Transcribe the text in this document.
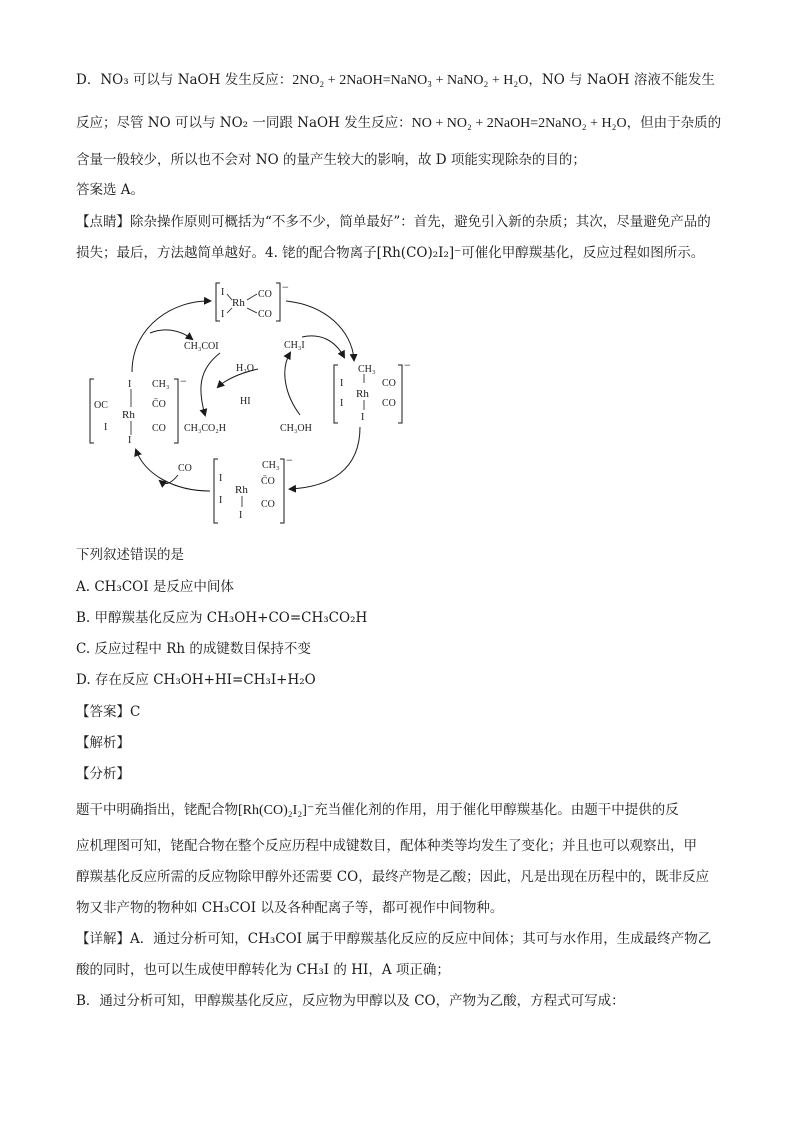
D．NO₃ 可以与 NaOH 发生反应：2NO₂ + 2NaOH=NaNO₃ + NaNO₂ + H₂O，NO 与 NaOH 溶液不能发生
反应；尽管 NO 可以与 NO₂ 一同跟 NaOH 发生反应：NO + NO₂ + 2NaOH=2NaNO₂ + H₂O，但由于杂质的
含量一般较少，所以也不会对 NO 的量产生较大的影响，故 D 项能实现除杂的目的；
答案选 A。
【点睛】除杂操作原则可概括为“不多不少，简单最好”：首先，避免引入新的杂质；其次，尽量避免产品的
损失；最后，方法越简单越好。4. 铑的配合物离子[Rh(CO)₂I₂]⁻可催化甲醇羰基化，反应过程如图所示。
I
I
Rh
CO
CO
−
CH₃
I
I
Rh
CO
CO
I
−
CH₃
I
I
Rh
C̄O
CO
I
−
I CH₃
OC	C̄O
Rh
I	CO
I
−
CH₃COI
H₂O
HI
CH₃CO₂H
CH₃I
CH₃OH
CO
下列叙述错误的是
A. CH₃COI 是反应中间体
B. 甲醇羰基化反应为 CH₃OH+CO=CH₃CO₂H
C. 反应过程中 Rh 的成键数目保持不变
D. 存在反应 CH₃OH+HI=CH₃I+H₂O
【答案】C
【解析】
【分析】
题干中明确指出，铑配合物[Rh(CO)₂I₂]⁻充当催化剂的作用，用于催化甲醇羰基化。由题干中提供的反
应机理图可知，铑配合物在整个反应历程中成键数目，配体种类等均发生了变化；并且也可以观察出，甲
醇羰基化反应所需的反应物除甲醇外还需要 CO，最终产物是乙酸；因此，凡是出现在历程中的，既非反应
物又非产物的物种如 CH₃COI 以及各种配离子等，都可视作中间物种。
【详解】A．通过分析可知，CH₃COI 属于甲醇羰基化反应的反应中间体；其可与水作用，生成最终产物乙
酸的同时，也可以生成使甲醇转化为 CH₃I 的 HI，A 项正确；
B．通过分析可知，甲醇羰基化反应，反应物为甲醇以及 CO，产物为乙酸，方程式可写成：
